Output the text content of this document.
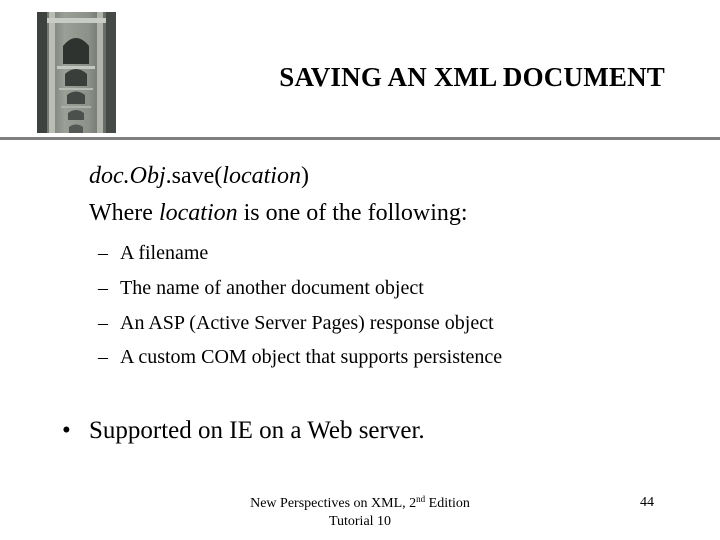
SAVING AN XML DOCUMENT
doc.Obj.save(location)
Where location is one of the following:
– A filename
– The name of another document object
– An ASP (Active Server Pages) response object
– A custom COM object that supports persistence
• Supported on IE on a Web server.
New Perspectives on XML, 2nd Edition
Tutorial 10
44
